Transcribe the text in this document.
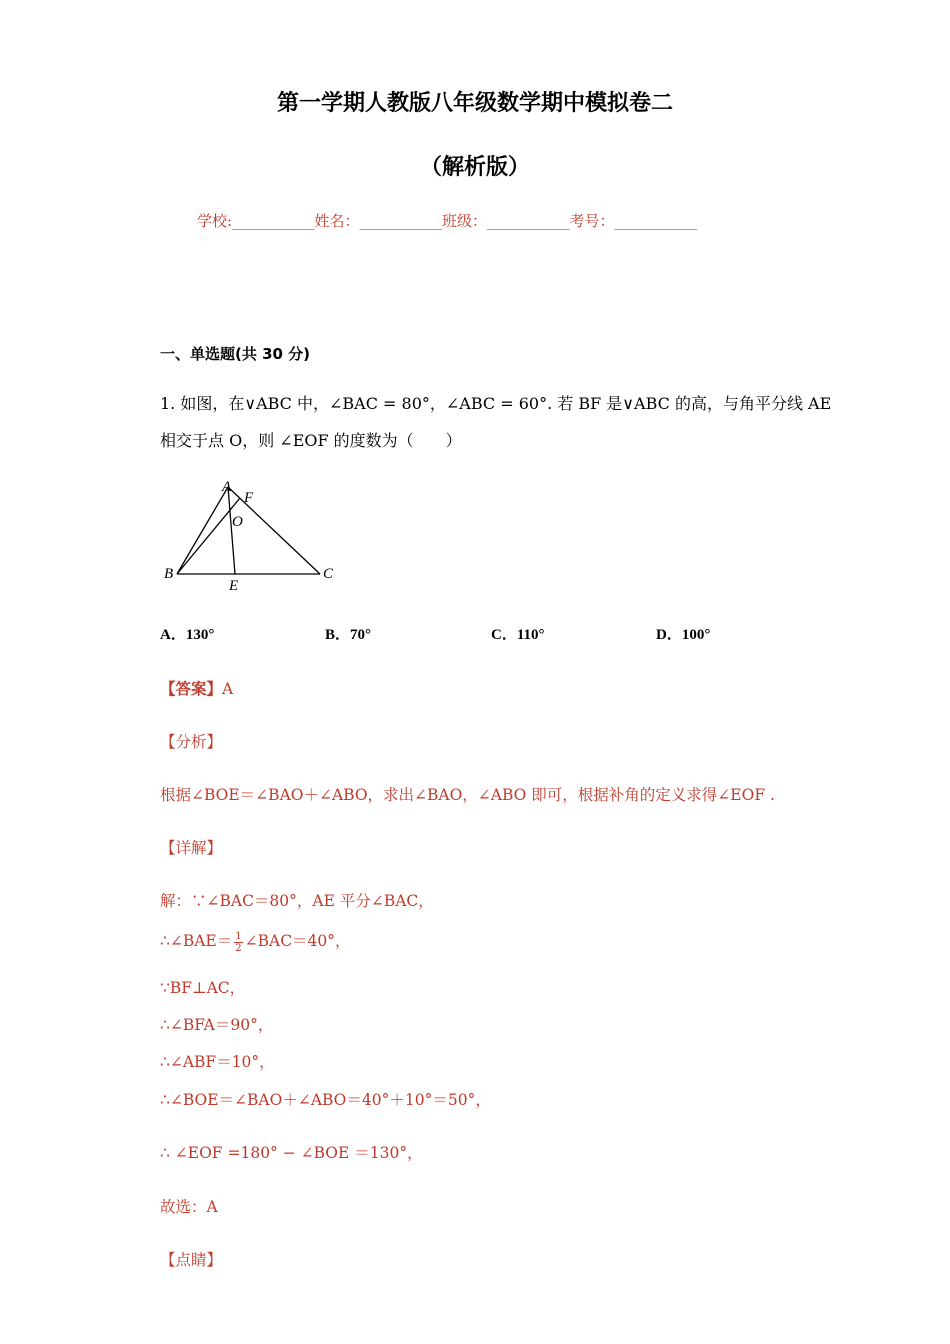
第一学期人教版八年级数学期中模拟卷二
（解析版）
学校:___________姓名：___________班级：___________考号：___________
一、单选题(共 30 分)
1. 如图，在∨ABC 中，∠BAC = 80°，∠ABC = 60°. 若 BF 是∨ABC 的高，与角平分线 AE
相交于点 O，则 ∠EOF 的度数为（　　）
A
F
O
B
E
C
A．130°	B．70°	C．110°	D．100°
【答案】A
【分析】
根据∠BOE＝∠BAO＋∠ABO，求出∠BAO，∠ABO 即可，根据补角的定义求得∠EOF .
【详解】
解：∵∠BAC＝80°，AE 平分∠BAC，
∴∠BAE＝ $\frac{1}{2}$ ∠BAC＝40°，
∵BF⊥AC，
∴∠BFA＝90°，
∴∠ABF＝10°，
∴∠BOE＝∠BAO＋∠ABO＝40°＋10°＝50°，
∴ ∠EOF =180° − ∠BOE ＝130°，
故选：A
【点睛】
